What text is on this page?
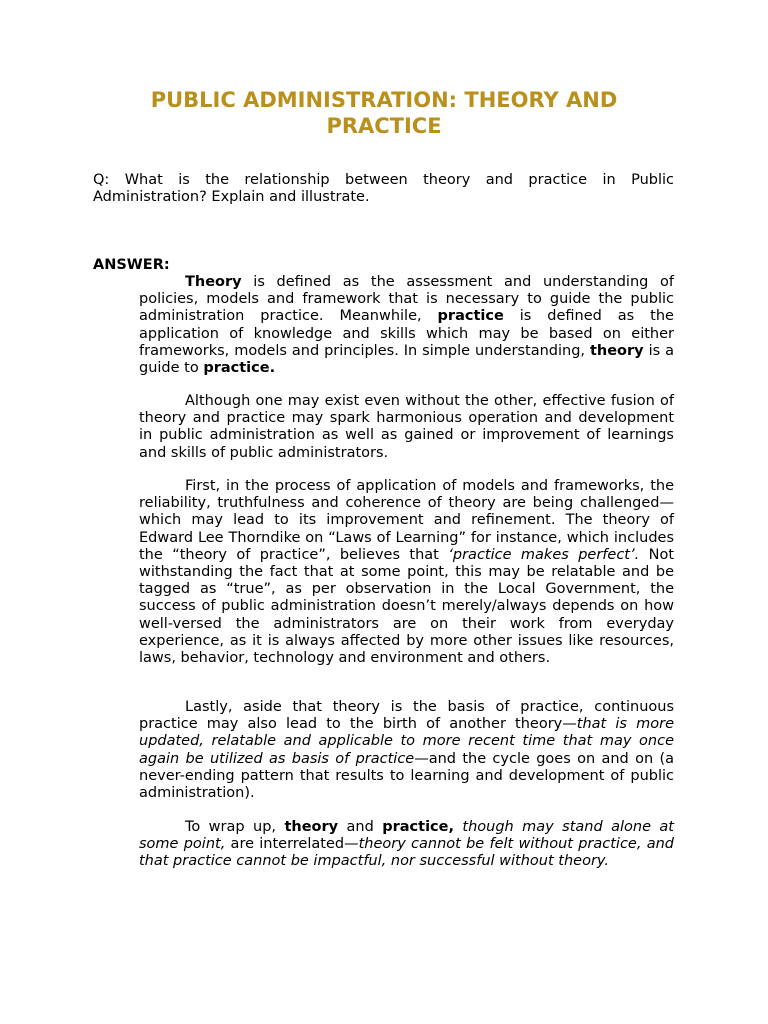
PUBLIC ADMINISTRATION: THEORY AND PRACTICE
Q: What is the relationship between theory and practice in Public Administration? Explain and illustrate.
ANSWER:

Theory is defined as the assessment and understanding of policies, models and framework that is necessary to guide the public administration practice. Meanwhile, practice is defined as the application of knowledge and skills which may be based on either frameworks, models and principles. In simple understanding, theory is a guide to practice.

Although one may exist even without the other, effective fusion of theory and practice may spark harmonious operation and development in public administration as well as gained or improvement of learnings and skills of public administrators.

First, in the process of application of models and frameworks, the reliability, truthfulness and coherence of theory are being challenged—which may lead to its improvement and refinement. The theory of Edward Lee Thorndike on “Laws of Learning” for instance, which includes the “theory of practice”, believes that ‘practice makes perfect’. Not withstanding the fact that at some point, this may be relatable and be tagged as “true”, as per observation in the Local Government, the success of public administration doesn’t merely/always depends on how well-versed the administrators are on their work from everyday experience, as it is always affected by more other issues like resources, laws, behavior, technology and environment and others.

Lastly, aside that theory is the basis of practice, continuous practice may also lead to the birth of another theory—that is more updated, relatable and applicable to more recent time that may once again be utilized as basis of practice—and the cycle goes on and on (a never-ending pattern that results to learning and development of public administration).

To wrap up, theory and practice, though may stand alone at some point, are interrelated—theory cannot be felt without practice, and that practice cannot be impactful, nor successful without theory.
